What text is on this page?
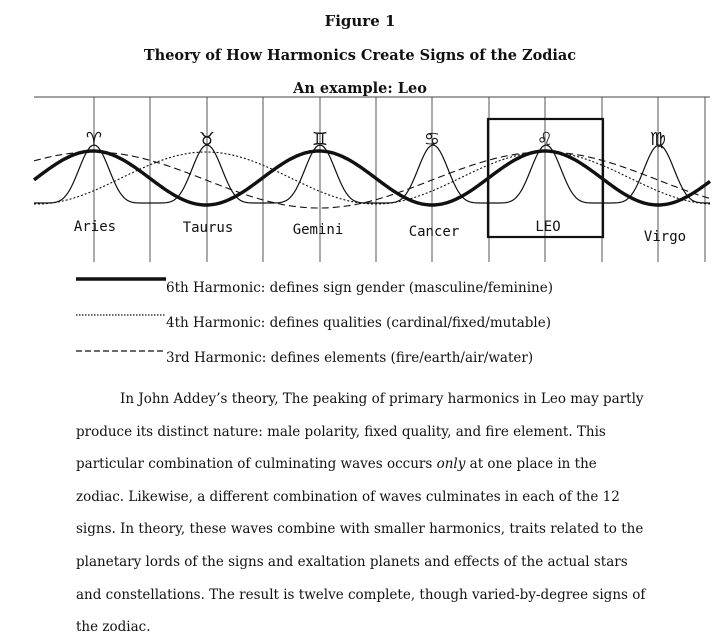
Figure 1
Theory of How Harmonics Create Signs of the Zodiac
An example: Leo
Aries	Taurus	Gemini	Cancer	LEO
Virgo
♈	♉	♊	♋	♌	♍
6th Harmonic: defines sign gender (masculine/feminine)
4th Harmonic: defines qualities (cardinal/fixed/mutable)
3rd Harmonic: defines elements (fire/earth/air/water)

In John Addey’s theory, The peaking of primary harmonics in Leo may partly produce its distinct nature: male polarity, fixed quality, and fire element. This particular combination of culminating waves occurs only at one place in the zodiac. Likewise, a different combination of waves culminates in each of the 12 signs. In theory, these waves combine with smaller harmonics, traits related to the planetary lords of the signs and exaltation planets and effects of the actual stars and constellations. The result is twelve complete, though varied-by-degree signs of the zodiac.
